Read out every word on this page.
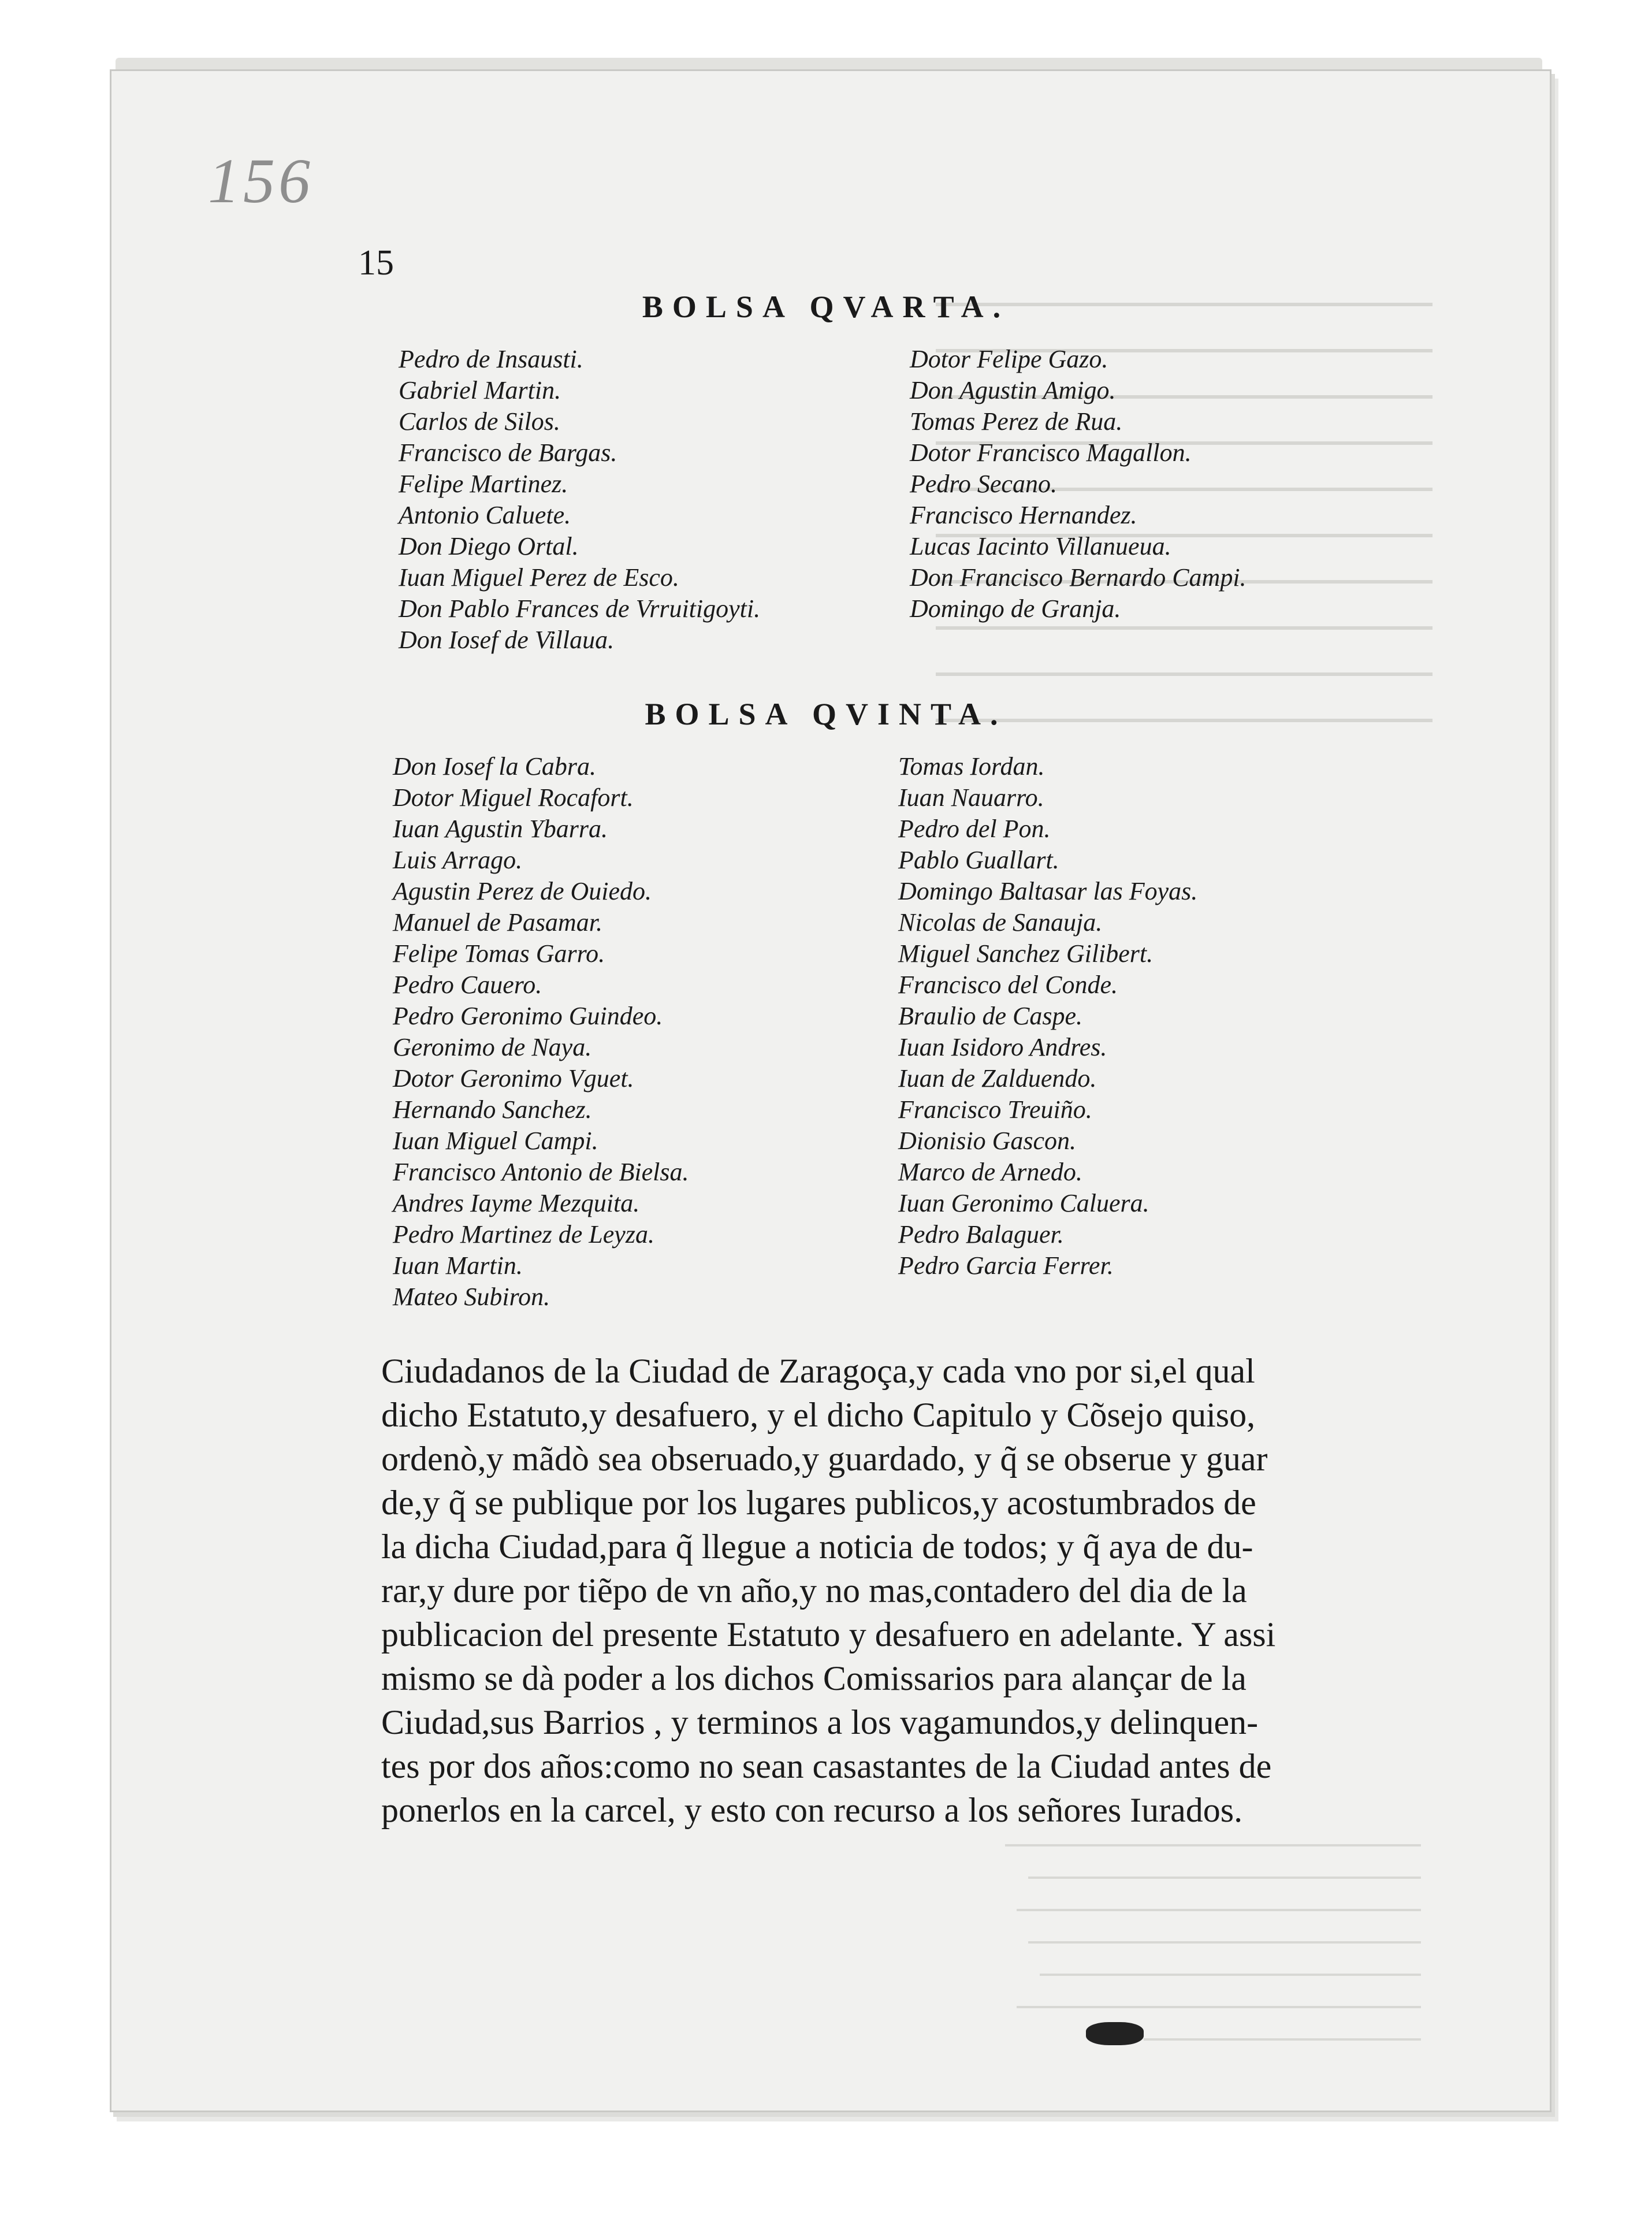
156
15
BOLSA QVARTA.
Pedro de Insausti.
Gabriel Martin.
Carlos de Silos.
Francisco de Bargas.
Felipe Martinez.
Antonio Caluete.
Don Diego Ortal.
Iuan Miguel Perez de Esco.
Don Pablo Frances de Vrruitigoyti.
Don Iosef de Villaua.
Dotor Felipe Gazo.
Don Agustin Amigo.
Tomas Perez de Rua.
Dotor Francisco Magallon.
Pedro Secano.
Francisco Hernandez.
Lucas Iacinto Villanueua.
Don Francisco Bernardo Campi.
Domingo de Granja.
BOLSA QVINTA.
Don Iosef la Cabra.
Dotor Miguel Rocafort.
Iuan Agustin Ybarra.
Luis Arrago.
Agustin Perez de Ouiedo.
Manuel de Pasamar.
Felipe Tomas Garro.
Pedro Cauero.
Pedro Geronimo Guindeo.
Geronimo de Naya.
Dotor Geronimo Vguet.
Hernando Sanchez.
Iuan Miguel Campi.
Francisco Antonio de Bielsa.
Andres Iayme Mezquita.
Pedro Martinez de Leyza.
Iuan Martin.
Mateo Subiron.
Tomas Iordan.
Iuan Nauarro.
Pedro del Pon.
Pablo Guallart.
Domingo Baltasar las Foyas.
Nicolas de Sanauja.
Miguel Sanchez Gilibert.
Francisco del Conde.
Braulio de Caspe.
Iuan Isidoro Andres.
Iuan de Zalduendo.
Francisco Treuiño.
Dionisio Gascon.
Marco de Arnedo.
Iuan Geronimo Caluera.
Pedro Balaguer.
Pedro Garcia Ferrer.
Ciudadanos de la Ciudad de Zaragoça,y cada vno por si,el qual
dicho Estatuto,y desafuero, y el dicho Capitulo y Cõsejo quiso,
ordenò,y mãdò sea obseruado,y guardado, y q̃ se obserue y guar
de,y q̃ se publique por los lugares publicos,y acostumbrados de
la dicha Ciudad,para q̃ llegue a noticia de todos; y q̃ aya de du-
rar,y dure por tiẽpo de vn año,y no mas,contadero del dia de la
publicacion del presente Estatuto y desafuero en adelante. Y assi
mismo se dà poder a los dichos Comissarios para alançar de la
Ciudad,sus Barrios , y terminos a los vagamundos,y delinquen-
tes por dos años:como no sean casastantes de la Ciudad antes de
ponerlos en la carcel, y esto con recurso a los señores Iurados.
